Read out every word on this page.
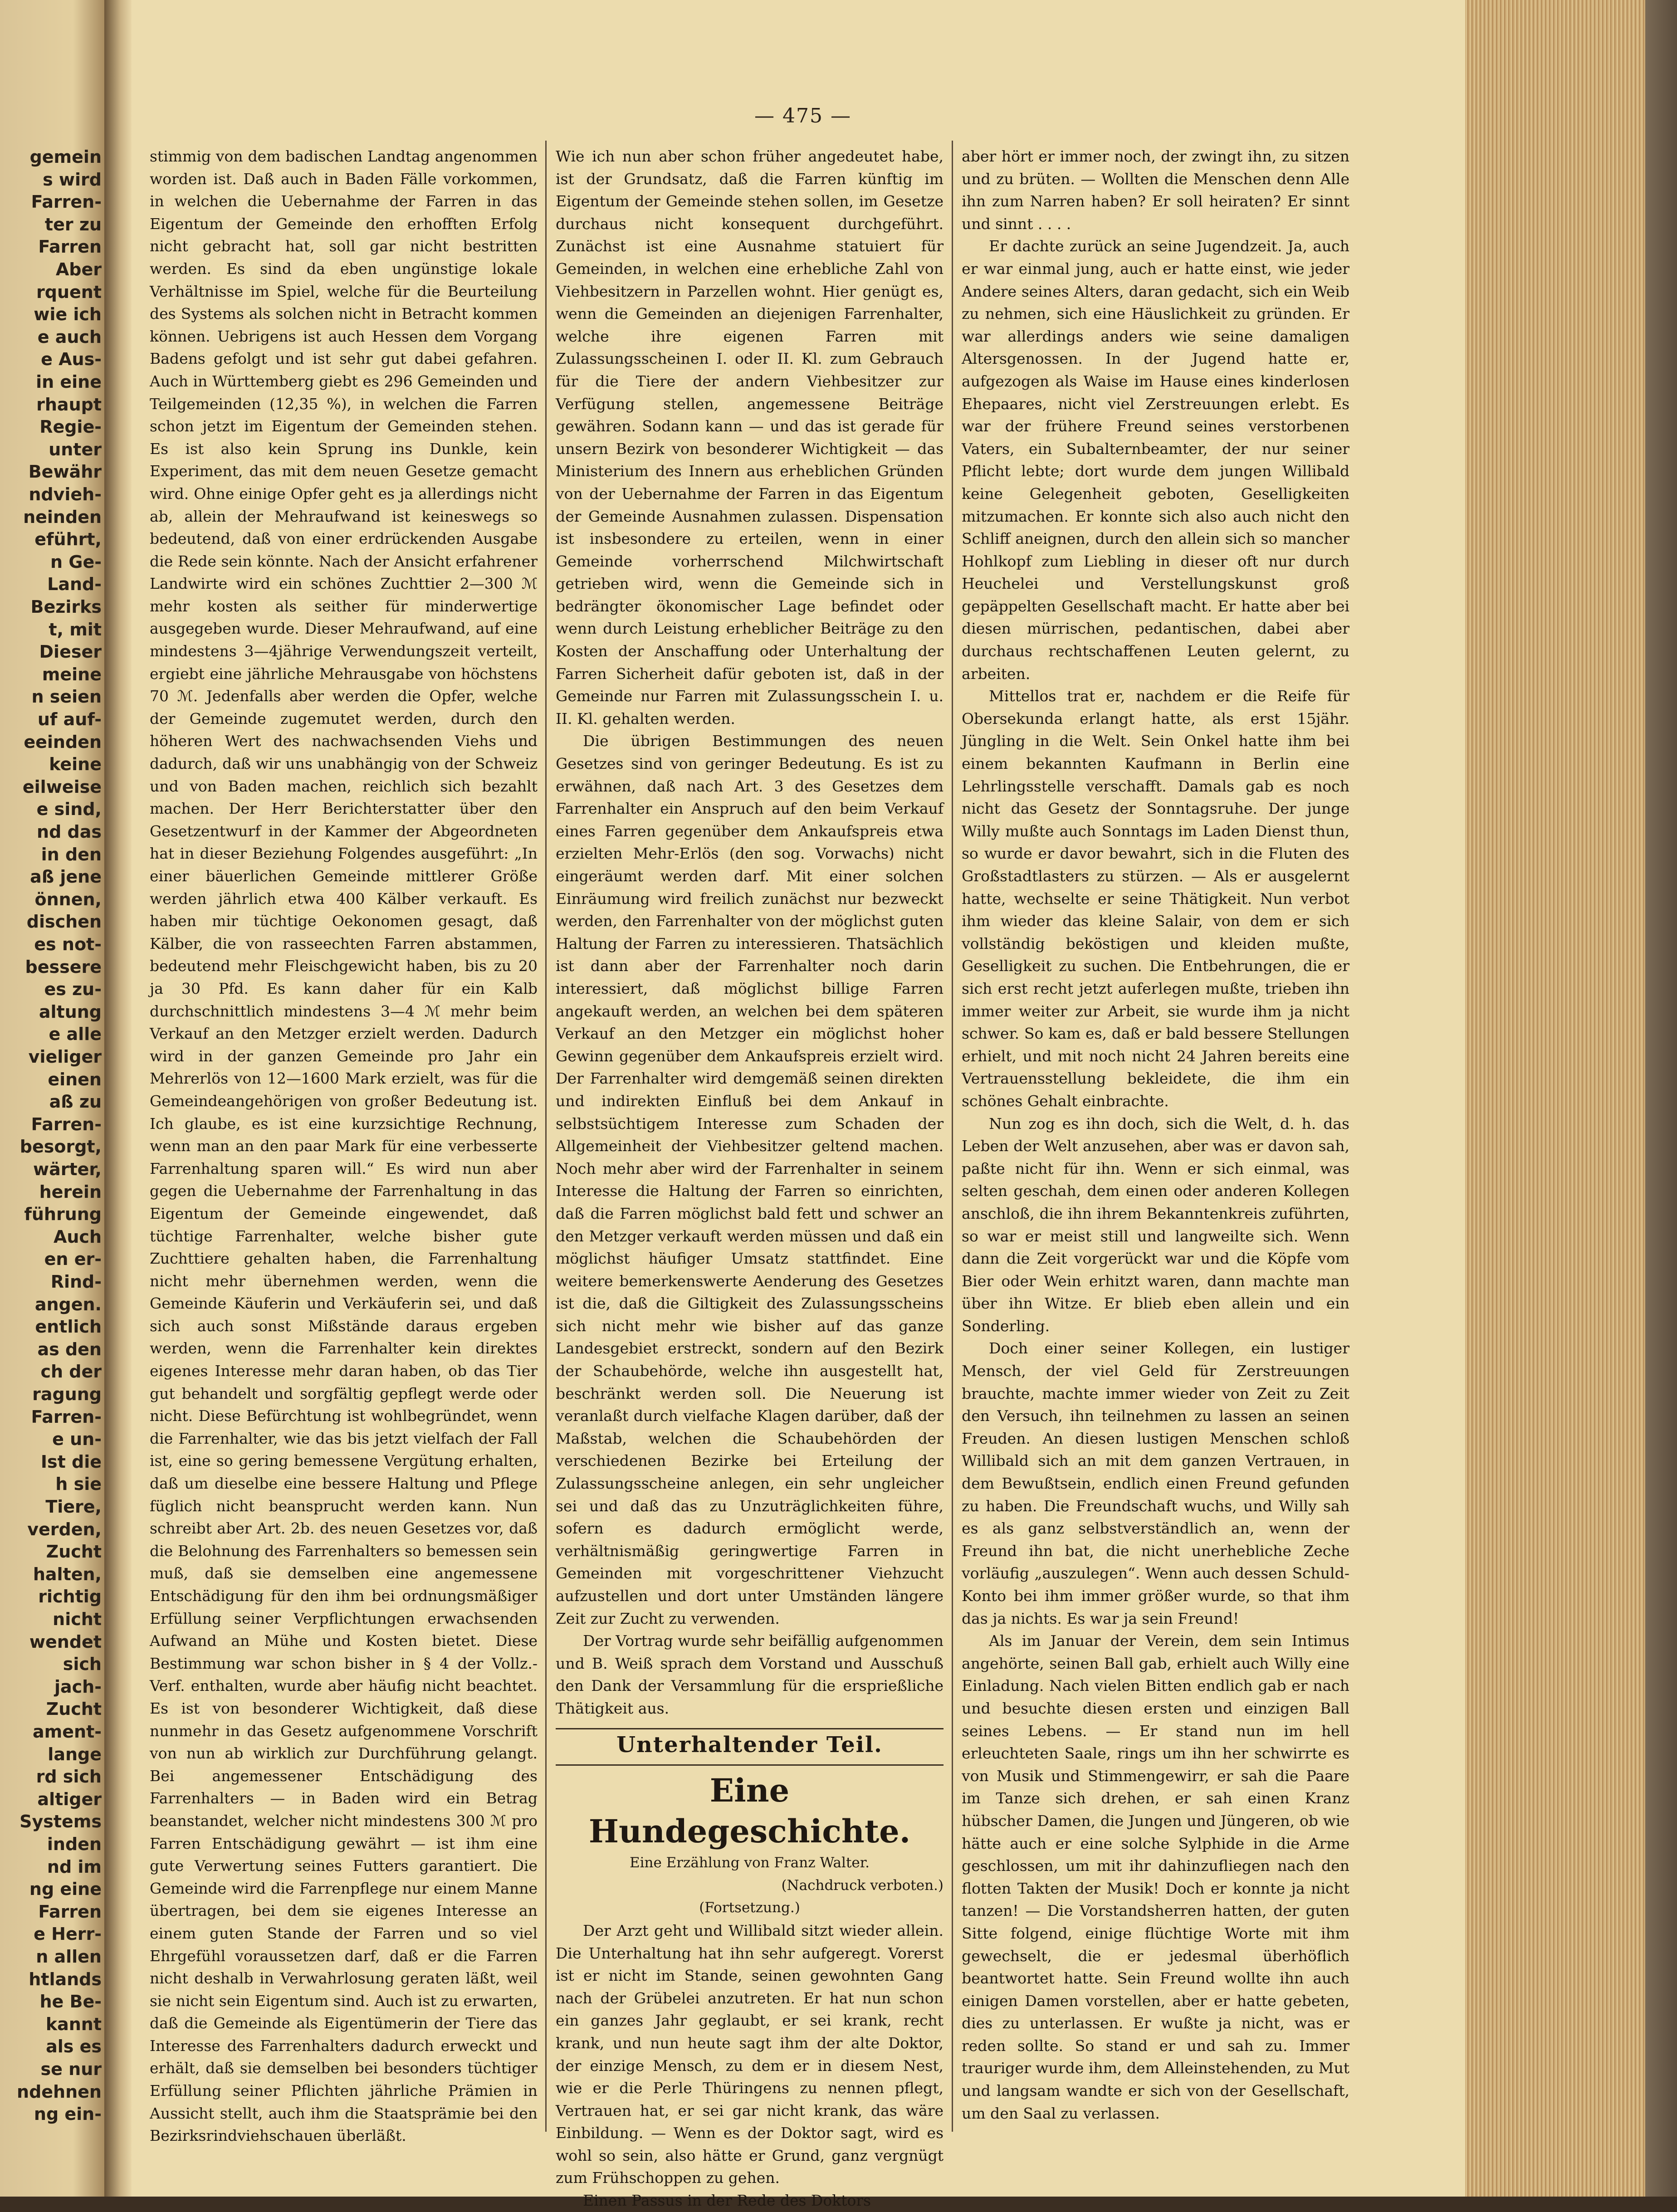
gemein
s wird
Farren-
ter zu
Farren
Aber
rquent
wie ich
e auch
e Aus-
in eine
rhaupt
Regie-
unter
Bewähr
ndvieh-
neinden
eführt,
n Ge-
Land-
Bezirks
t, mit
Dieser
meine
n seien
uf auf-
eeinden
keine
eilweise
e sind,
nd das
in den
aß jene
önnen,
dischen
es not-
bessere
es zu-
altung
e alle
vieliger
einen
aß zu
Farren-
besorgt,
wärter,
herein
führung
Auch
en er-
Rind-
angen.
entlich
as den
ch der
ragung
Farren-
e un-
Ist die
h sie
Tiere,
verden,
Zucht
halten,
richtig
nicht
wendet
sich
jach-
Zucht
ament-
lange
rd sich
altiger
Systems
inden
nd im
ng eine
Farren
e Herr-
n allen
htlands
he Be-
kannt
als es
se nur
ndehnen
ng ein-
— 475 —

stimmig von dem badischen Landtag angenommen worden ist. Daß auch in Baden Fälle vorkommen, in welchen die Uebernahme der Farren in das Eigentum der Gemeinde den erhofften Erfolg nicht gebracht hat, soll gar nicht bestritten werden. Es sind da eben ungünstige lokale Verhältnisse im Spiel, welche für die Beurteilung des Systems als solchen nicht in Betracht kommen können. Uebrigens ist auch Hessen dem Vorgang Badens gefolgt und ist sehr gut dabei gefahren. Auch in Württemberg giebt es 296 Gemeinden und Teilgemeinden (12,35 %), in welchen die Farren schon jetzt im Eigentum der Gemeinden stehen. Es ist also kein Sprung ins Dunkle, kein Experiment, das mit dem neuen Gesetze gemacht wird. Ohne einige Opfer geht es ja allerdings nicht ab, allein der Mehraufwand ist keineswegs so bedeutend, daß von einer erdrückenden Ausgabe die Rede sein könnte. Nach der Ansicht erfahrener Landwirte wird ein schönes Zuchttier 2—300 ℳ mehr kosten als seither für minderwertige ausgegeben wurde. Dieser Mehraufwand, auf eine mindestens 3—4jährige Verwendungszeit verteilt, ergiebt eine jährliche Mehrausgabe von höchstens 70 ℳ. Jedenfalls aber werden die Opfer, welche der Gemeinde zugemutet werden, durch den höheren Wert des nachwachsenden Viehs und dadurch, daß wir uns unabhängig von der Schweiz und von Baden machen, reichlich sich bezahlt machen. Der Herr Berichterstatter über den Gesetzentwurf in der Kammer der Abgeordneten hat in dieser Beziehung Folgendes ausgeführt: „In einer bäuerlichen Gemeinde mittlerer Größe werden jährlich etwa 400 Kälber verkauft. Es haben mir tüchtige Oekonomen gesagt, daß Kälber, die von rasseechten Farren abstammen, bedeutend mehr Fleischgewicht haben, bis zu 20 ja 30 Pfd. Es kann daher für ein Kalb durchschnittlich mindestens 3—4 ℳ mehr beim Verkauf an den Metzger erzielt werden. Dadurch wird in der ganzen Gemeinde pro Jahr ein Mehrerlös von 12—1600 Mark erzielt, was für die Gemeindeangehörigen von großer Bedeutung ist. Ich glaube, es ist eine kurzsichtige Rechnung, wenn man an den paar Mark für eine verbesserte Farrenhaltung sparen will.“ Es wird nun aber gegen die Uebernahme der Farrenhaltung in das Eigentum der Gemeinde eingewendet, daß tüchtige Farrenhalter, welche bisher gute Zuchttiere gehalten haben, die Farrenhaltung nicht mehr übernehmen werden, wenn die Gemeinde Käuferin und Verkäuferin sei, und daß sich auch sonst Mißstände daraus ergeben werden, wenn die Farrenhalter kein direktes eigenes Interesse mehr daran haben, ob das Tier gut behandelt und sorgfältig gepflegt werde oder nicht. Diese Befürchtung ist wohlbegründet, wenn die Farrenhalter, wie das bis jetzt vielfach der Fall ist, eine so gering bemessene Vergütung erhalten, daß um dieselbe eine bessere Haltung und Pflege füglich nicht beansprucht werden kann. Nun schreibt aber Art. 2b. des neuen Gesetzes vor, daß die Belohnung des Farrenhalters so bemessen sein muß, daß sie demselben eine angemessene Entschädigung für den ihm bei ordnungsmäßiger Erfüllung seiner Verpflichtungen erwachsenden Aufwand an Mühe und Kosten bietet. Diese Bestimmung war schon bisher in § 4 der Vollz.-Verf. enthalten, wurde aber häufig nicht beachtet. Es ist von besonderer Wichtigkeit, daß diese nunmehr in das Gesetz aufgenommene Vorschrift von nun ab wirklich zur Durchführung gelangt. Bei angemessener Entschädigung des Farrenhalters — in Baden wird ein Betrag beanstandet, welcher nicht mindestens 300 ℳ pro Farren Entschädigung gewährt — ist ihm eine gute Verwertung seines Futters garantiert. Die Gemeinde wird die Farrenpflege nur einem Manne übertragen, bei dem sie eigenes Interesse an einem guten Stande der Farren und so viel Ehrgefühl voraussetzen darf, daß er die Farren nicht deshalb in Verwahrlosung geraten läßt, weil sie nicht sein Eigentum sind. Auch ist zu erwarten, daß die Gemeinde als Eigentümerin der Tiere das Interesse des Farrenhalters dadurch erweckt und erhält, daß sie demselben bei besonders tüchtiger Erfüllung seiner Pflichten jährliche Prämien in Aussicht stellt, auch ihm die Staatsprämie bei den Bezirksrindviehschauen überläßt.

Wie ich nun aber schon früher angedeutet habe, ist der Grundsatz, daß die Farren künftig im Eigentum der Gemeinde stehen sollen, im Gesetze durchaus nicht konsequent durchgeführt. Zunächst ist eine Ausnahme statuiert für Gemeinden, in welchen eine erhebliche Zahl von Viehbesitzern in Parzellen wohnt. Hier genügt es, wenn die Gemeinden an diejenigen Farrenhalter, welche ihre eigenen Farren mit Zulassungsscheinen I. oder II. Kl. zum Gebrauch für die Tiere der andern Viehbesitzer zur Verfügung stellen, angemessene Beiträge gewähren. Sodann kann — und das ist gerade für unsern Bezirk von besonderer Wichtigkeit — das Ministerium des Innern aus erheblichen Gründen von der Uebernahme der Farren in das Eigentum der Gemeinde Ausnahmen zulassen. Dispensation ist insbesondere zu erteilen, wenn in einer Gemeinde vorherrschend Milchwirtschaft getrieben wird, wenn die Gemeinde sich in bedrängter ökonomischer Lage befindet oder wenn durch Leistung erheblicher Beiträge zu den Kosten der Anschaffung oder Unterhaltung der Farren Sicherheit dafür geboten ist, daß in der Gemeinde nur Farren mit Zulassungsschein I. u. II. Kl. gehalten werden.

Die übrigen Bestimmungen des neuen Gesetzes sind von geringer Bedeutung. Es ist zu erwähnen, daß nach Art. 3 des Gesetzes dem Farrenhalter ein Anspruch auf den beim Verkauf eines Farren gegenüber dem Ankaufspreis etwa erzielten Mehr-Erlös (den sog. Vorwachs) nicht eingeräumt werden darf. Mit einer solchen Einräumung wird freilich zunächst nur bezweckt werden, den Farrenhalter von der möglichst guten Haltung der Farren zu interessieren. Thatsächlich ist dann aber der Farrenhalter noch darin interessiert, daß möglichst billige Farren angekauft werden, an welchen bei dem späteren Verkauf an den Metzger ein möglichst hoher Gewinn gegenüber dem Ankaufspreis erzielt wird. Der Farrenhalter wird demgemäß seinen direkten und indirekten Einfluß bei dem Ankauf in selbstsüchtigem Interesse zum Schaden der Allgemeinheit der Viehbesitzer geltend machen. Noch mehr aber wird der Farrenhalter in seinem Interesse die Haltung der Farren so einrichten, daß die Farren möglichst bald fett und schwer an den Metzger verkauft werden müssen und daß ein möglichst häufiger Umsatz stattfindet. Eine weitere bemerkenswerte Aenderung des Gesetzes ist die, daß die Giltigkeit des Zulassungsscheins sich nicht mehr wie bisher auf das ganze Landesgebiet erstreckt, sondern auf den Bezirk der Schaubehörde, welche ihn ausgestellt hat, beschränkt werden soll. Die Neuerung ist veranlaßt durch vielfache Klagen darüber, daß der Maßstab, welchen die Schaubehörden der verschiedenen Bezirke bei Erteilung der Zulassungsscheine anlegen, ein sehr ungleicher sei und daß das zu Unzuträglichkeiten führe, sofern es dadurch ermöglicht werde, verhältnismäßig geringwertige Farren in Gemeinden mit vorgeschrittener Viehzucht aufzustellen und dort unter Umständen längere Zeit zur Zucht zu verwenden.

Der Vortrag wurde sehr beifällig aufgenommen und B. Weiß sprach dem Vorstand und Ausschuß den Dank der Versammlung für die ersprießliche Thätigkeit aus.

Unterhaltender Teil.

Eine Hundegeschichte.

Eine Erzählung von Franz Walter.

(Nachdruck verboten.)

(Fortsetzung.)

Der Arzt geht und Willibald sitzt wieder allein. Die Unterhaltung hat ihn sehr aufgeregt. Vorerst ist er nicht im Stande, seinen gewohnten Gang nach der Grübelei anzutreten. Er hat nun schon ein ganzes Jahr geglaubt, er sei krank, recht krank, und nun heute sagt ihm der alte Doktor, der einzige Mensch, zu dem er in diesem Nest, wie er die Perle Thüringens zu nennen pflegt, Vertrauen hat, er sei gar nicht krank, das wäre Einbildung. — Wenn es der Doktor sagt, wird es wohl so sein, also hätte er Grund, ganz vergnügt zum Frühschoppen zu gehen.

Einen Passus in der Rede des Doktors

aber hört er immer noch, der zwingt ihn, zu sitzen und zu brüten. — Wollten die Menschen denn Alle ihn zum Narren haben? Er soll heiraten? Er sinnt und sinnt . . . .

Er dachte zurück an seine Jugendzeit. Ja, auch er war einmal jung, auch er hatte einst, wie jeder Andere seines Alters, daran gedacht, sich ein Weib zu nehmen, sich eine Häuslichkeit zu gründen. Er war allerdings anders wie seine damaligen Altersgenossen. In der Jugend hatte er, aufgezogen als Waise im Hause eines kinderlosen Ehepaares, nicht viel Zerstreuungen erlebt. Es war der frühere Freund seines verstorbenen Vaters, ein Subalternbeamter, der nur seiner Pflicht lebte; dort wurde dem jungen Willibald keine Gelegenheit geboten, Geselligkeiten mitzumachen. Er konnte sich also auch nicht den Schliff aneignen, durch den allein sich so mancher Hohlkopf zum Liebling in dieser oft nur durch Heuchelei und Verstellungskunst groß gepäppelten Gesellschaft macht. Er hatte aber bei diesen mürrischen, pedantischen, dabei aber durchaus rechtschaffenen Leuten gelernt, zu arbeiten.

Mittellos trat er, nachdem er die Reife für Obersekunda erlangt hatte, als erst 15jähr. Jüngling in die Welt. Sein Onkel hatte ihm bei einem bekannten Kaufmann in Berlin eine Lehrlingsstelle verschafft. Damals gab es noch nicht das Gesetz der Sonntagsruhe. Der junge Willy mußte auch Sonntags im Laden Dienst thun, so wurde er davor bewahrt, sich in die Fluten des Großstadtlasters zu stürzen. — Als er ausgelernt hatte, wechselte er seine Thätigkeit. Nun verbot ihm wieder das kleine Salair, von dem er sich vollständig beköstigen und kleiden mußte, Geselligkeit zu suchen. Die Entbehrungen, die er sich erst recht jetzt auferlegen mußte, trieben ihn immer weiter zur Arbeit, sie wurde ihm ja nicht schwer. So kam es, daß er bald bessere Stellungen erhielt, und mit noch nicht 24 Jahren bereits eine Vertrauensstellung bekleidete, die ihm ein schönes Gehalt einbrachte.

Nun zog es ihn doch, sich die Welt, d. h. das Leben der Welt anzusehen, aber was er davon sah, paßte nicht für ihn. Wenn er sich einmal, was selten geschah, dem einen oder anderen Kollegen anschloß, die ihn ihrem Bekanntenkreis zuführten, so war er meist still und langweilte sich. Wenn dann die Zeit vorgerückt war und die Köpfe vom Bier oder Wein erhitzt waren, dann machte man über ihn Witze. Er blieb eben allein und ein Sonderling.

Doch einer seiner Kollegen, ein lustiger Mensch, der viel Geld für Zerstreuungen brauchte, machte immer wieder von Zeit zu Zeit den Versuch, ihn teilnehmen zu lassen an seinen Freuden. An diesen lustigen Menschen schloß Willibald sich an mit dem ganzen Vertrauen, in dem Bewußtsein, endlich einen Freund gefunden zu haben. Die Freundschaft wuchs, und Willy sah es als ganz selbstverständlich an, wenn der Freund ihn bat, die nicht unerhebliche Zeche vorläufig „auszulegen“. Wenn auch dessen Schuld-Konto bei ihm immer größer wurde, so that ihm das ja nichts. Es war ja sein Freund!

Als im Januar der Verein, dem sein Intimus angehörte, seinen Ball gab, erhielt auch Willy eine Einladung. Nach vielen Bitten endlich gab er nach und besuchte diesen ersten und einzigen Ball seines Lebens. — Er stand nun im hell erleuchteten Saale, rings um ihn her schwirrte es von Musik und Stimmengewirr, er sah die Paare im Tanze sich drehen, er sah einen Kranz hübscher Damen, die Jungen und Jüngeren, ob wie hätte auch er eine solche Sylphide in die Arme geschlossen, um mit ihr dahinzufliegen nach den flotten Takten der Musik! Doch er konnte ja nicht tanzen! — Die Vorstandsherren hatten, der guten Sitte folgend, einige flüchtige Worte mit ihm gewechselt, die er jedesmal überhöflich beantwortet hatte. Sein Freund wollte ihn auch einigen Damen vorstellen, aber er hatte gebeten, dies zu unterlassen. Er wußte ja nicht, was er reden sollte. So stand er und sah zu. Immer trauriger wurde ihm, dem Alleinstehenden, zu Mut und langsam wandte er sich von der Gesellschaft, um den Saal zu verlassen.
